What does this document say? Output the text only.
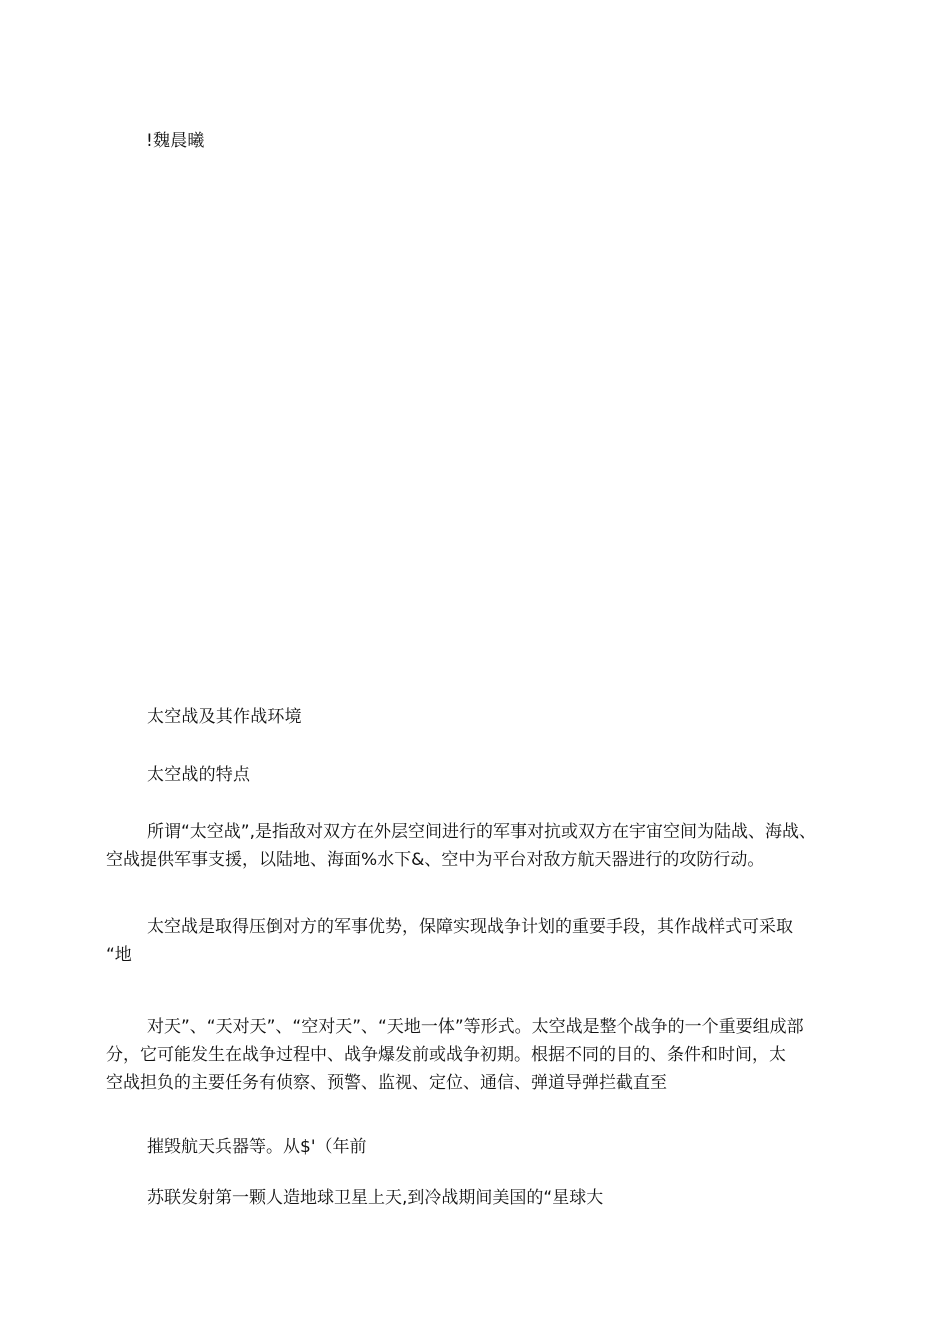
!魏晨曦
太空战及其作战环境
太空战的特点
所谓“太空战”,是指敌对双方在外层空间进行的军事对抗或双方在宇宙空间为陆战、海战、
空战提供军事支援，以陆地、海面%水下&、空中为平台对敌方航天器进行的攻防行动。
太空战是取得压倒对方的军事优势，保障实现战争计划的重要手段，其作战样式可采取
“地
对天”、“天对天”、“空对天”、“天地一体”等形式。太空战是整个战争的一个重要组成部
分，它可能发生在战争过程中、战争爆发前或战争初期。根据不同的目的、条件和时间，太
空战担负的主要任务有侦察、预警、监视、定位、通信、弹道导弹拦截直至
摧毁航天兵器等。从$'（年前
苏联发射第一颗人造地球卫星上天,到冷战期间美国的“星球大
